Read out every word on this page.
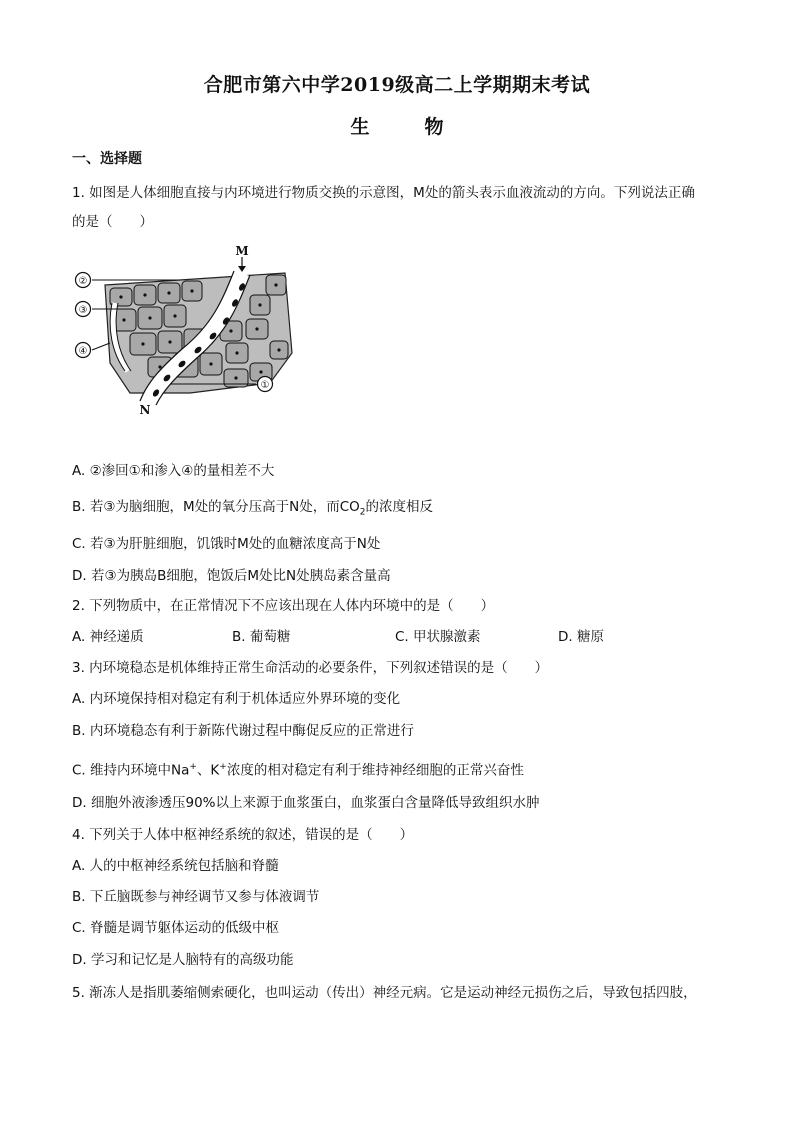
合肥市第六中学2019级高二上学期期末考试
生　物
一、选择题
1. 如图是人体细胞直接与内环境进行物质交换的示意图，M处的箭头表示血液流动的方向。下列说法正确
的是（　　）
②
③
④
①
M
N
A. ②渗回①和渗入④的量相差不大
B. 若③为脑细胞，M处的氧分压高于N处，而$CO_2$的浓度相反
C. 若③为肝脏细胞，饥饿时M处的血糖浓度高于N处
D. 若③为胰岛B细胞，饱饭后M处比N处胰岛素含量高
2. 下列物质中，在正常情况下不应该出现在人体内环境中的是（　　）
A. 神经递质	B. 葡萄糖	C. 甲状腺激素	D. 糖原
3. 内环境稳态是机体维持正常生命活动的必要条件，下列叙述错误的是（　　）
A. 内环境保持相对稳定有利于机体适应外界环境的变化
B. 内环境稳态有利于新陈代谢过程中酶促反应的正常进行
C. 维持内环境中Na+、K+浓度的相对稳定有利于维持神经细胞的正常兴奋性
D. 细胞外液渗透压90%以上来源于血浆蛋白，血浆蛋白含量降低导致组织水肿
4. 下列关于人体中枢神经系统的叙述，错误的是（　　）
A. 人的中枢神经系统包括脑和脊髓
B. 下丘脑既参与神经调节又参与体液调节
C. 脊髓是调节躯体运动的低级中枢
D. 学习和记忆是人脑特有的高级功能
5. 渐冻人是指肌萎缩侧索硬化，也叫运动（传出）神经元病。它是运动神经元损伤之后，导致包括四肢，
